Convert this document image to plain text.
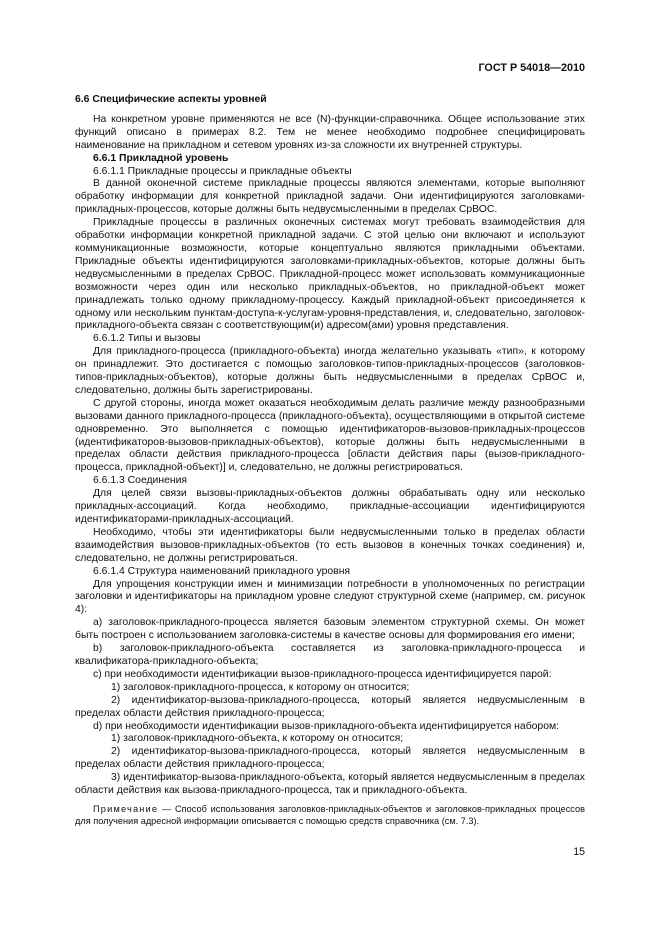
ГОСТ Р 54018—2010

6.6 Специфические аспекты уровней

На конкретном уровне применяются не все (N)-функции-справочника. Общее использование этих функций описано в примерах 8.2. Тем не менее необходимо подробнее специфицировать наименование на прикладном и сетевом уровнях из-за сложности их внутренней структуры.

6.6.1 Прикладной уровень

6.6.1.1 Прикладные процессы и прикладные объекты

В данной оконечной системе прикладные процессы являются элементами, которые выполняют обработку информации для конкретной прикладной задачи. Они идентифицируются заголовками-прикладных-процессов, которые должны быть недвусмысленными в пределах СрВОС.

Прикладные процессы в различных оконечных системах могут требовать взаимодействия для обработки информации конкретной прикладной задачи. С этой целью они включают и используют коммуникационные возможности, которые концептуально являются прикладными объектами. Прикладные объекты идентифицируются заголовками-прикладных-объектов, которые должны быть недвусмысленными в пределах СрВОС. Прикладной-процесс может использовать коммуникационные возможности через один или несколько прикладных-объектов, но прикладной-объект может принадлежать только одному прикладному-процессу. Каждый прикладной-объект присоединяется к одному или нескольким пунктам-доступа-к-услугам-уровня-представления, и, следовательно, заголовок-прикладного-объекта связан с соответствующим(и) адресом(ами) уровня представления.

6.6.1.2 Типы и вызовы

Для прикладного-процесса (прикладного-объекта) иногда желательно указывать «тип», к которому он принадлежит. Это достигается с помощью заголовков-типов-прикладных-процессов (заголовков-типов-прикладных-объектов), которые должны быть недвусмысленными в пределах СрВОС и, следовательно, должны быть зарегистрированы.

С другой стороны, иногда может оказаться необходимым делать различие между разнообразными вызовами данного прикладного-процесса (прикладного-объекта), осуществляющими в открытой системе одновременно. Это выполняется с помощью идентификаторов-вызовов-прикладных-процессов (идентификаторов-вызовов-прикладных-объектов), которые должны быть недвусмысленными в пределах области действия прикладного-процесса [области действия пары (вызов-прикладного-процесса, прикладной-объект)] и, следовательно, не должны регистрироваться.

6.6.1.3 Соединения

Для целей связи вызовы-прикладных-объектов должны обрабатывать одну или несколько прикладных-ассоциаций. Когда необходимо, прикладные-ассоциации идентифицируются идентификаторами-прикладных-ассоциаций.

Необходимо, чтобы эти идентификаторы были недвусмысленными только в пределах области взаимодействия вызовов-прикладных-объектов (то есть вызовов в конечных точках соединения) и, следовательно, не должны регистрироваться.

6.6.1.4 Структура наименований прикладного уровня

Для упрощения конструкции имен и минимизации потребности в уполномоченных по регистрации заголовки и идентификаторы на прикладном уровне следуют структурной схеме (например, см. рисунок 4):

а) заголовок-прикладного-процесса является базовым элементом структурной схемы. Он может быть построен с использованием заголовка-системы в качестве основы для формирования его имени;

b) заголовок-прикладного-объекта составляется из заголовка-прикладного-процесса и квалификатора-прикладного-объекта;

c) при необходимости идентификации вызов-прикладного-процесса идентифицируется парой:

1) заголовок-прикладного-процесса, к которому он относится;

2) идентификатор-вызова-прикладного-процесса, который является недвусмысленным в пределах области действия прикладного-процесса;

d) при необходимости идентификации вызов-прикладного-объекта идентифицируется набором:

1) заголовок-прикладного-объекта, к которому он относится;

2) идентификатор-вызова-прикладного-процесса, который является недвусмысленным в пределах области действия прикладного-процесса;

3) идентификатор-вызова-прикладного-объекта, который является недвусмысленным в пределах области действия как вызова-прикладного-процесса, так и прикладного-объекта.

Примечание — Способ использования заголовков-прикладных-объектов и заголовков-прикладных процессов для получения адресной информации описывается с помощью средств справочника (см. 7.3).

15
